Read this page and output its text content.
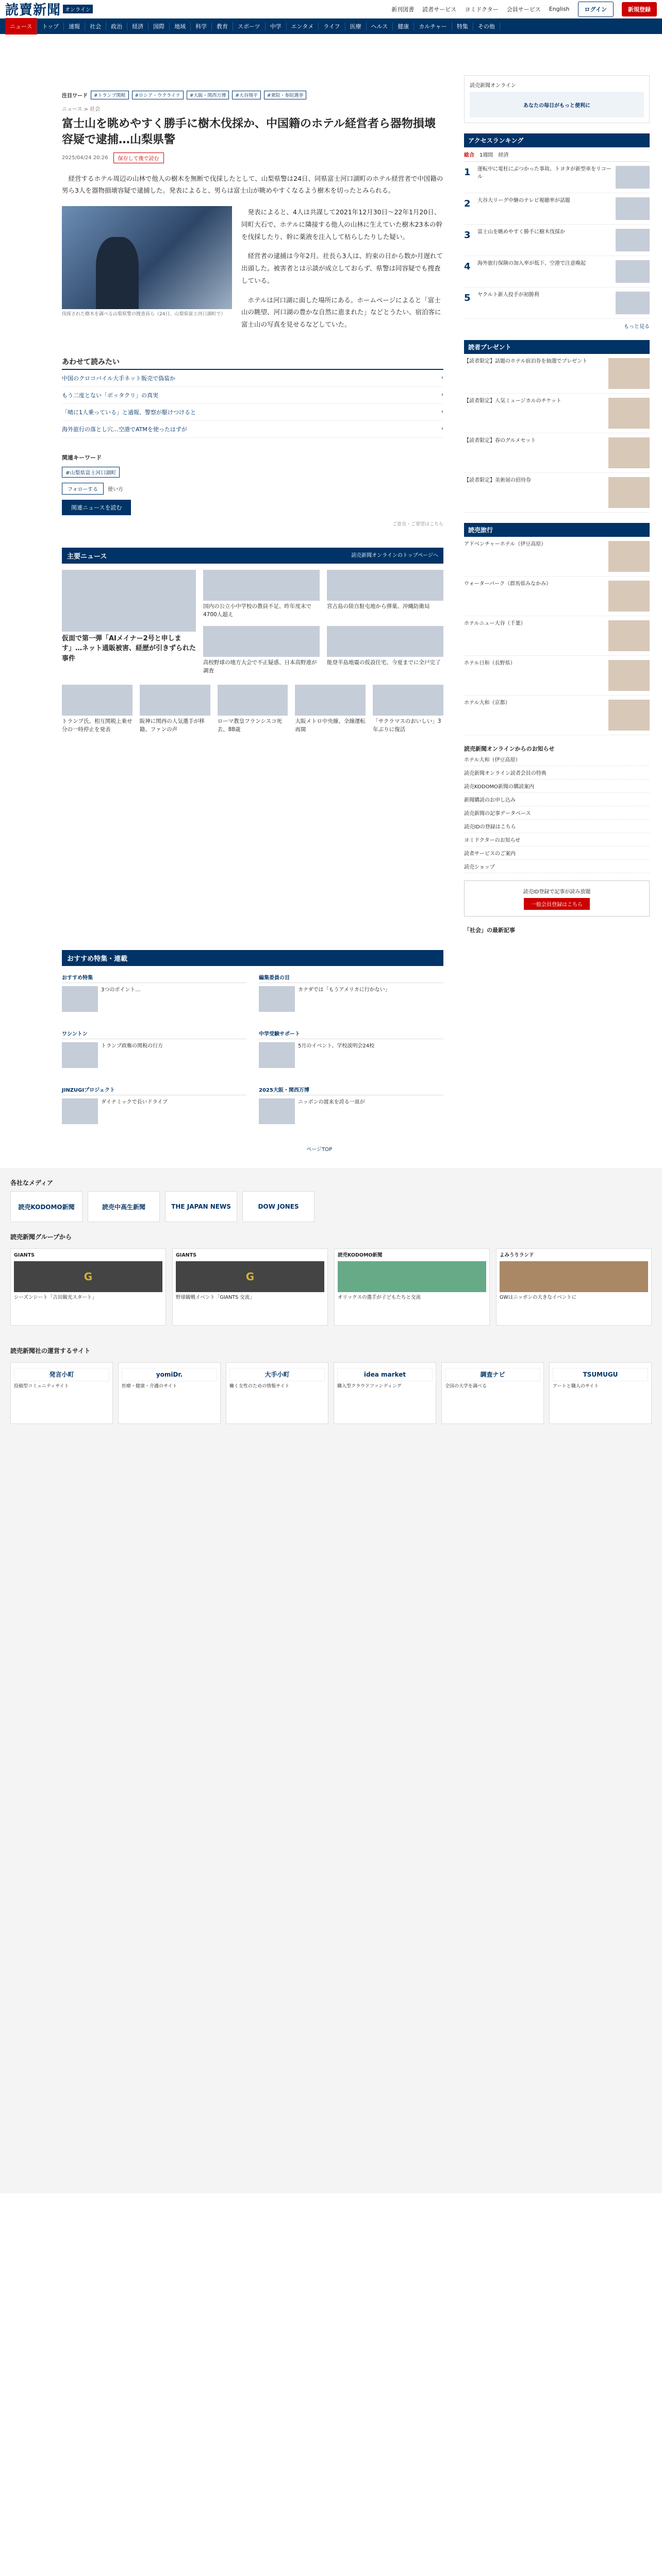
読賣新聞 オンライン	新刊図書 読者サービス ヨミドクター 会員サービス English	ログイン	新規登録
ニュース	トップ	速報	社会	政治	経済	国際	地域	科学	教育	スポーツ	中学	エンタメ	ライフ	医療	ヘルス	健康	カルチャー	特集	その他
注目ワード	#トランプ関税	#ロシア・ウクライナ	#大阪・関西万博	#大谷翔平	#衆院・参院選挙
ニュース > 社会
富士山を眺めやすく勝手に樹木伐採か、中国籍のホテル経営者ら器物損壊容疑で逮捕…山梨県警
2025/04/24 20:26	保存して後で読む

経営するホテル周辺の山林で他人の樹木を無断で伐採したとして、山梨県警は24日、同県富士河口湖町のホテル経営者で中国籍の男ら3人を器物損壊容疑で逮捕した。発表によると、男らは富士山が眺めやすくなるよう樹木を切ったとみられる。

伐採された樹木を調べる山梨県警の捜査員ら（24日、山梨県富士河口湖町で）

発表によると、4人は共謀して2021年12月30日〜22年1月20日、同町大石で、ホテルに隣接する他人の山林に生えていた樹木23本の幹を伐採したり、幹に薬液を注入して枯らしたりした疑い。

経営者の逮捕は今年2月。社長ら3人は、約束の日から数か月遅れて出頭した。被害者とは示談が成立しておらず、県警は同容疑でも捜査している。

ホテルは河口湖に面した場所にある。ホームページによると「富士山の眺望、河口湖の豊かな自然に恵まれた」などとうたい、宿泊客に富士山の写真を見せるなどしていた。

あわせて読みたい
中国のクロコバイル大手ネット販売で偽装か	›
もう二度とない「ボッタクリ」の真実	›
「晴に1人乗っている」と通報、警察が駆けつけると	›
海外旅行の落とし穴…空港でATMを使ったはずが	›
関連キーワード
#山梨県富士河口湖町
フォローする	使い方
関連ニュースを読む
ご意見・ご要望はこちら
主要ニュース	読売新聞オンラインのトップページへ
仮面で第一弾「AIメイナー2号と申します」…ネット通販被害、経歴が引きずられた事件
国内の公立小中学校の教員不足、昨年度末で4700人超え
宮古島の陸自駐屯地から弾薬、沖縄防衛局
高校野球の地方大会で不正疑惑、日本高野連が調査
能登半島地震の仮設住宅、今夏までに全戸完了
トランプ氏、相互関税上乗せ分の一時停止を発表
阪神に関西の人気選手が移籍、ファンの声
ローマ教皇フランシスコ死去、88歳
大阪メトロ中央線、全線運転再開
「サクラマスのおいしい」3年ぶりに復活
おすすめ特集・連載
おすすめ特集
3つのポイント…
編集委員の目
カナダでは「もうアメリカに行かない」
ワシントン
トランプ政権の関税の行方
中学受験サポート
5月のイベント、学校説明会24校
JINZUGIプロジェクト
ダイナミックで長いドライブ
2025大阪・関西万博
ニッポンの渡来を誇る一皿が
読売新聞オンライン
あなたの毎日がもっと便利に
アクセスランキング
総合 1週間 経済
1	運転中に電柱にぶつかった事故、トヨタが新型車をリコール
2	大谷大リーグ中継のテレビ視聴率が話題
3	富士山を眺めやすく勝手に樹木伐採か
4	海外旅行保険の加入率が低下、空港で注意喚起
5	ヤクルト新人投手が初勝利
もっと見る
読者プレゼント
【読者限定】話題のホテル宿泊券を抽選でプレゼント
【読者限定】人気ミュージカルのチケット
【読者限定】春のグルメセット
【読者限定】美術展の招待券
読売旅行
アドベンチャーホテル（伊豆高原）
ウォーターパーク（群馬県みなかみ）
ホテルニュー大谷（千葉）
ホテル日和（長野県）
ホテル大和（京都）
読売新聞オンラインからのお知らせ
ホテル大和（伊豆高原）
読売新聞オンライン読者会員の特典
読売KODOMO新聞の購読案内
新聞購読のお申し込み
読売新聞の記事データベース
読売IDの登録はこちら
ヨミドクターのお知らせ
読者サービスのご案内
読売ショップ
読売ID登録で記事が読み放題
一般会員登録はこちら
「社会」の最新記事
ページTOP
各社なメディア
読売KODOMO新聞	読売中高生新聞	THE JAPAN NEWS	DOW JONES
読売新聞グループから
GIANTS
G
シーズンシート「吉田観光スタート」
GIANTS
G
野球観戦イベント「GIANTS 交流」
読売KODOMO新聞
オリックスの選手が子どもたちと交流
よみうりランド
GWはニッポンの大きなイベントに
読売新聞社の運営するサイト
発言小町
投稿型コミュニティサイト
yomiDr.
医療・健康・介護のサイト
大手小町
働く女性のための情報サイト
idea market
購入型クラウドファンディング
調査ナビ
全国の大学を調べる
TSUMUGU
アートと職人のサイト
